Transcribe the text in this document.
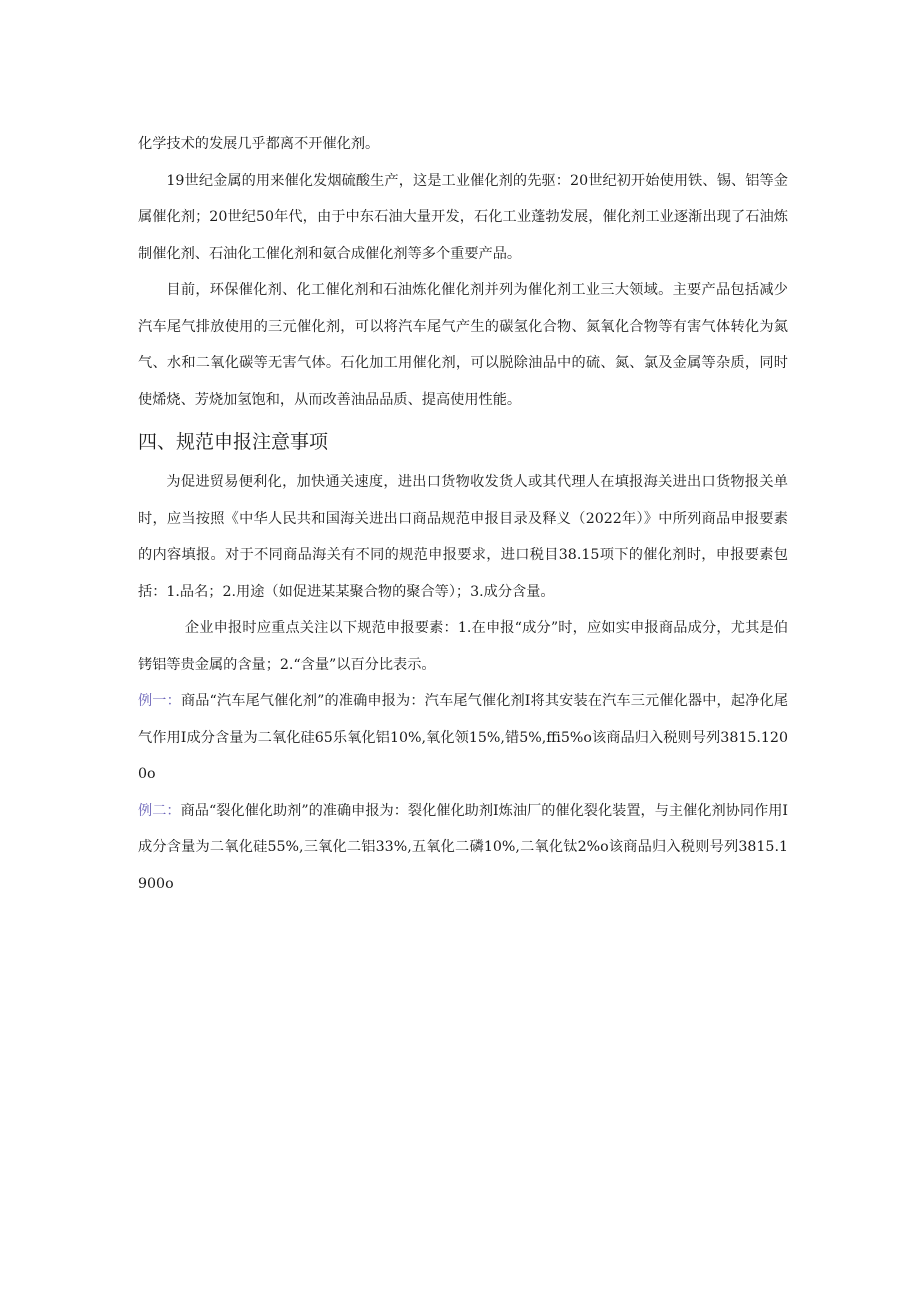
化学技术的发展几乎都离不开催化剂。

19世纪金属的用来催化发烟硫酸生产，这是工业催化剂的先驱：20世纪初开始使用铁、锡、铝等金属催化剂；20世纪50年代，由于中东石油大量开发，石化工业蓬勃发展，催化剂工业逐渐出现了石油炼制催化剂、石油化工催化剂和氨合成催化剂等多个重要产品。

目前，环保催化剂、化工催化剂和石油炼化催化剂并列为催化剂工业三大领域。主要产品包括减少汽车尾气排放使用的三元催化剂，可以将汽车尾气产生的碳氢化合物、氮氧化合物等有害气体转化为氮气、水和二氧化碳等无害气体。石化加工用催化剂，可以脱除油品中的硫、氮、氯及金属等杂质，同时使烯烧、芳烧加氢饱和，从而改善油品品质、提高使用性能。

四、规范申报注意事项

为促进贸易便利化，加快通关速度，进出口货物收发货人或其代理人在填报海关进出口货物报关单时，应当按照《中华人民共和国海关进出口商品规范申报目录及释义（2022年）》中所列商品申报要素的内容填报。对于不同商品海关有不同的规范申报要求，进口税目38.15项下的催化剂时，申报要素包括：1.品名；2.用途（如促进某某聚合物的聚合等）；3.成分含量。

企业申报时应重点关注以下规范申报要素：1.在申报“成分”时，应如实申报商品成分，尤其是伯铐铝等贵金属的含量；2.“含量”以百分比表示。

例一：商品“汽车尾气催化剂”的准确申报为：汽车尾气催化剂I将其安装在汽车三元催化器中，起净化尾气作用I成分含量为二氧化硅65乐氧化铝10%,氧化领15%,错5%,ffi5%o该商品归入税则号列3815.1200o

例二：商品“裂化催化助剂”的准确申报为：裂化催化助剂I炼油厂的催化裂化装置，与主催化剂协同作用I成分含量为二氧化硅55%,三氧化二铝33%,五氧化二磷10%,二氧化钛2%o该商品归入税则号列3815.1900o
